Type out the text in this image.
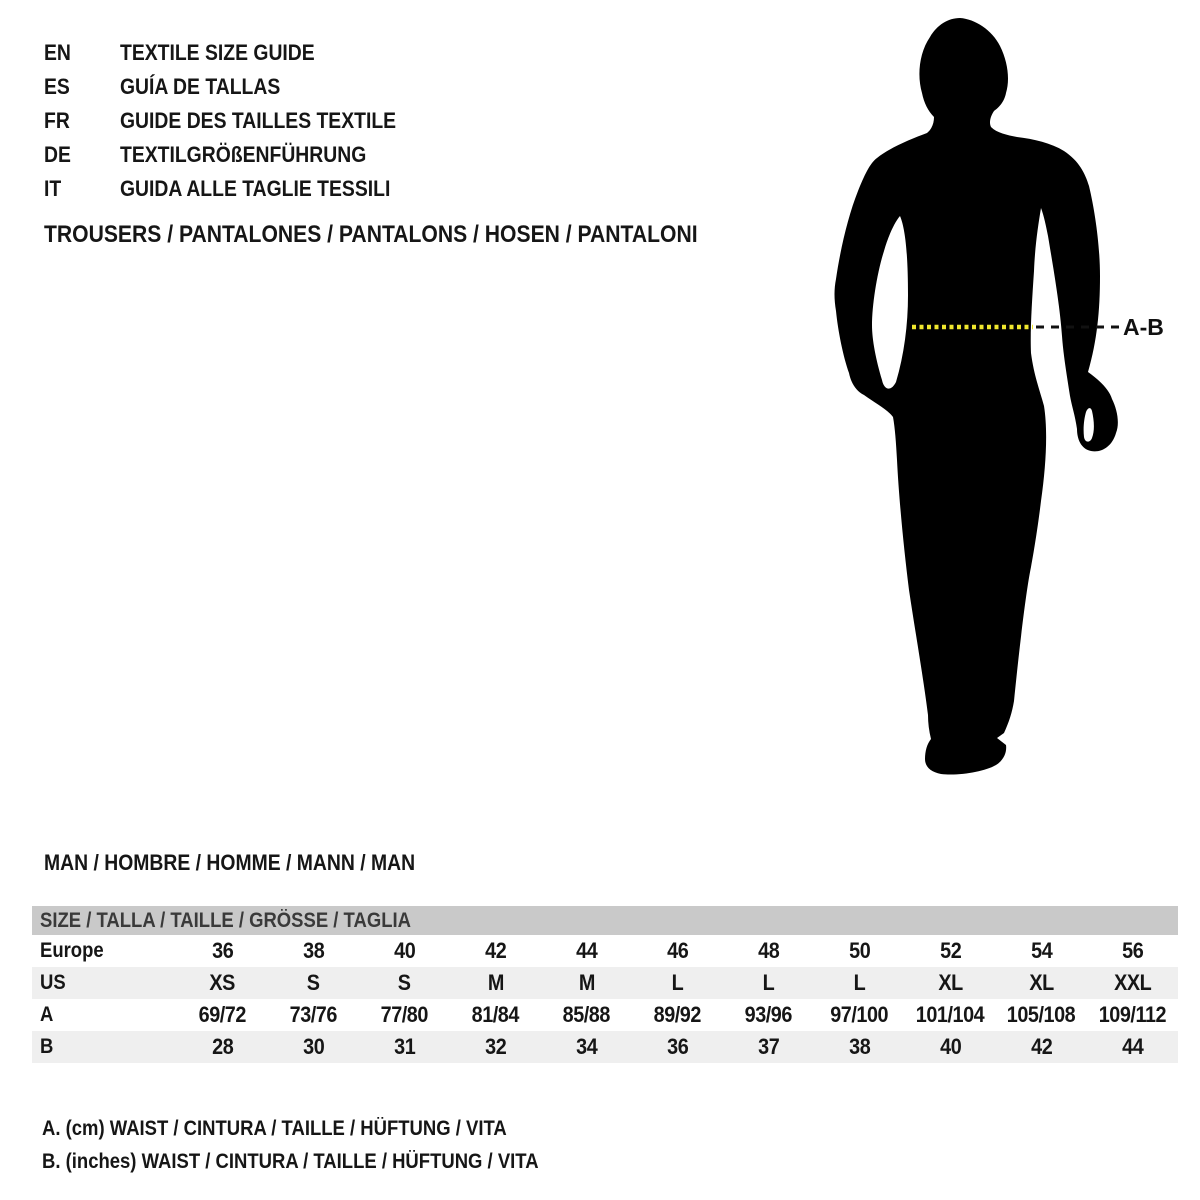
EN TEXTILE SIZE GUIDE
ES GUÍA DE TALLAS
FR GUIDE DES TAILLES TEXTILE
DE TEXTILGRÖßENFÜHRUNG
IT	GUIDA ALLE TAGLIE TESSILI
TROUSERS / PANTALONES / PANTALONS / HOSEN / PANTALONI
A-B
MAN / HOMBRE / HOMME / MANN / MAN
SIZE / TALLA / TAILLE / GRÖSSE / TAGLIA
Europe	36	38	40	42	44	46	48	50	52	54	56
US	XS	S	S	M	M	L	L	L	XL	XL	XXL
A	69/72	73/76	77/80	81/84	85/88	89/92	93/96	97/100	101/104	105/108	109/112
B	28	30	31	32	34	36	37	38	40	42	44
A. (cm) WAIST / CINTURA / TAILLE / HÜFTUNG / VITA
B. (inches) WAIST / CINTURA / TAILLE / HÜFTUNG / VITA
